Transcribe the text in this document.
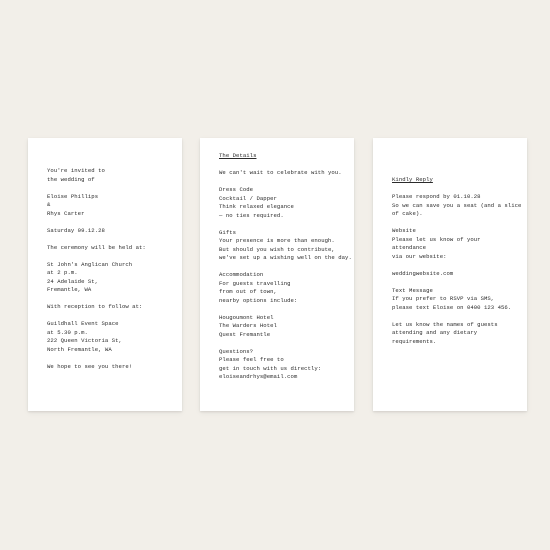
You're invited to
the wedding of
Eloise Phillips
&
Rhys Carter
Saturday 09.12.28
The ceremony will be held at:
St John's Anglican Church
at 2 p.m.
24 Adelaide St,
Fremantle, WA
With reception to follow at:
Guildhall Event Space
at 5.30 p.m.
222 Queen Victoria St,
North Fremantle, WA
We hope to see you there!
The Details
We can't wait to celebrate with you.
Dress Code
Cocktail / Dapper
Think relaxed elegance
— no ties required.
Gifts
Your presence is more than enough.
But should you wish to contribute,
we've set up a wishing well on the day.
Accommodation
For guests travelling
from out of town,
nearby options include:
Hougoumont Hotel
The Warders Hotel
Quest Fremantle
Questions?
Please feel free to
get in touch with us directly:
eloiseandrhys@email.com
Kindly Reply
Please respond by 01.10.28
So we can save you a seat (and a slice
of cake).
Website
Please let us know of your
attendance
via our website:
weddingwebsite.com
Text Message
If you prefer to RSVP via SMS,
please text Eloise on 0400 123 456.
Let us know the names of guests
attending and any dietary
requirements.
